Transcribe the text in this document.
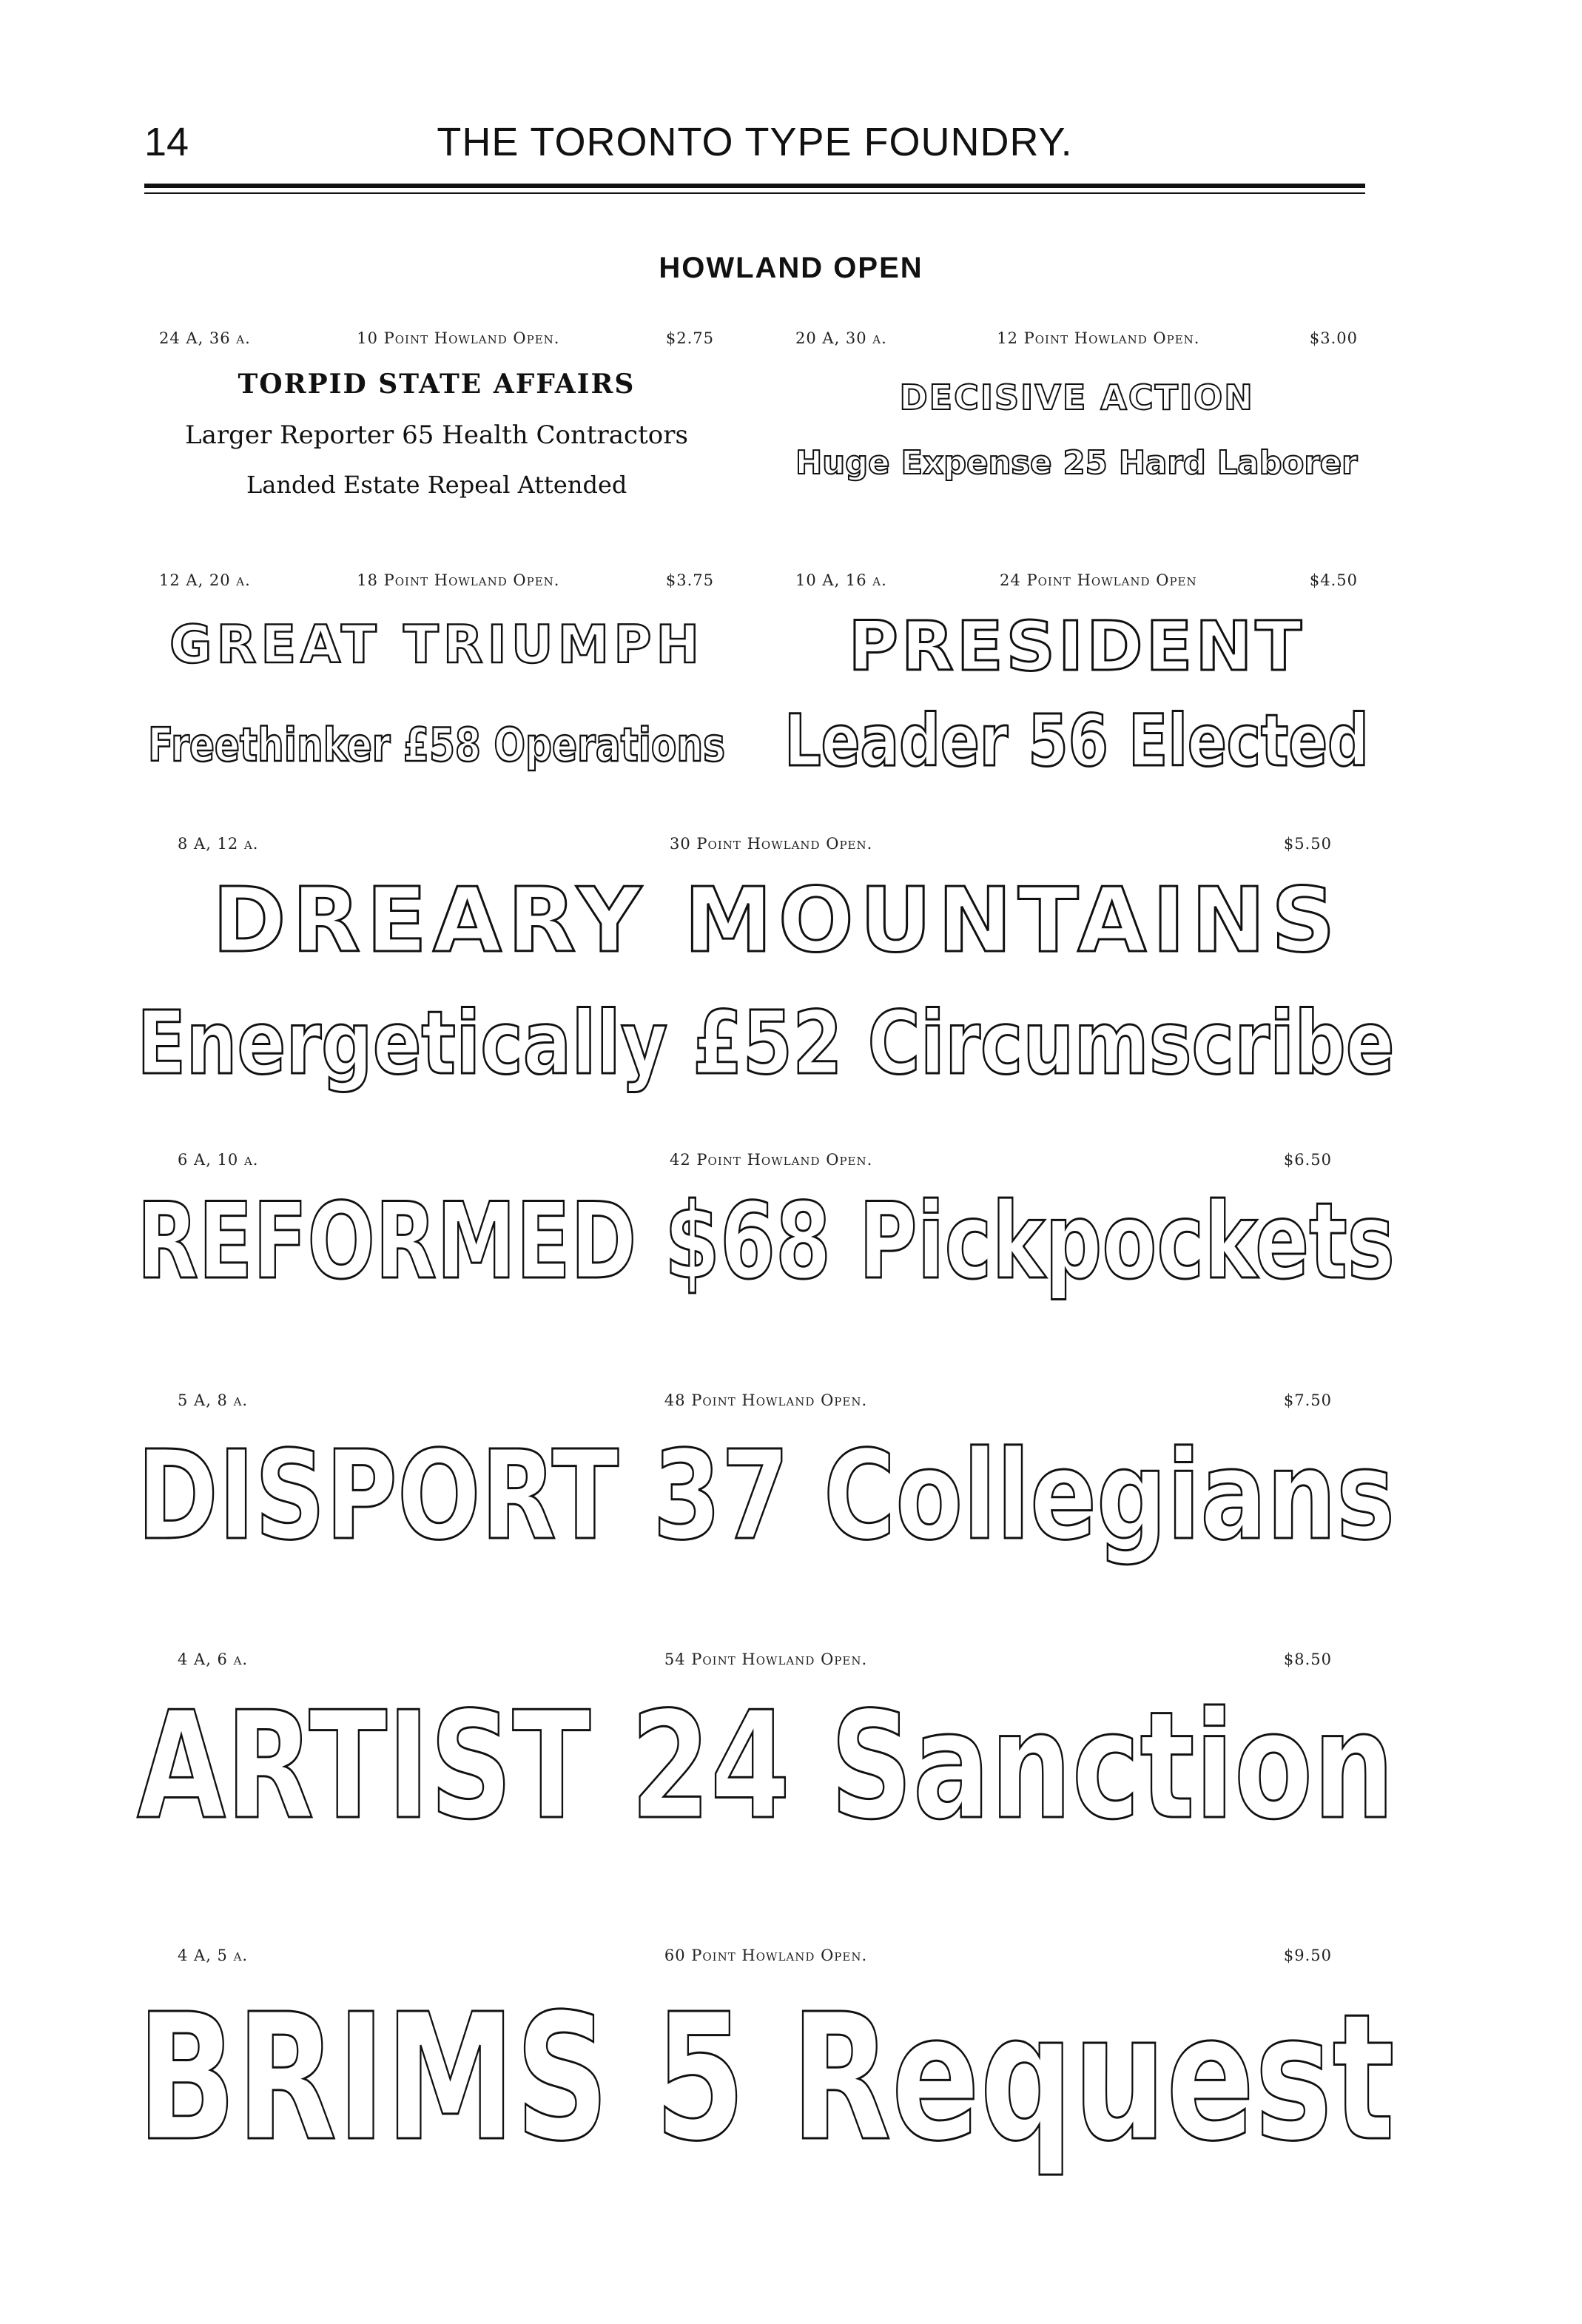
14	THE TORONTO TYPE FOUNDRY.
HOWLAND OPEN
24 A, 36 a.	10 Point Howland Open.	$2.75
TORPID STATE AFFAIRS
Larger Reporter 65 Health Contractors
Landed Estate Repeal Attended
20 A, 30 a.	12 Point Howland Open.	$3.00
DECISIVE ACTION
Huge Expense 25 Hard Laborer
12 A, 20 a.	18 Point Howland Open.	$3.75
GREAT TRIUMPH
Freethinker £58 Operations
10 A, 16 a.	24 Point Howland Open	$4.50
PRESIDENT
Leader 56 Elected
8 A, 12 a.	30 Point Howland Open.	$5.50
DREARY MOUNTAINS
Energetically £52 Circumscribe
6 A, 10 a.	42 Point Howland Open.	$6.50
REFORMED $68 Pickpockets
5 A, 8 a.	48 Point Howland Open.	$7.50
DISPORT 37 Collegians
4 A, 6 a.	54 Point Howland Open.	$8.50
ARTIST 24 Sanction
4 A, 5 a.	60 Point Howland Open.	$9.50
BRIMS 5 Request
